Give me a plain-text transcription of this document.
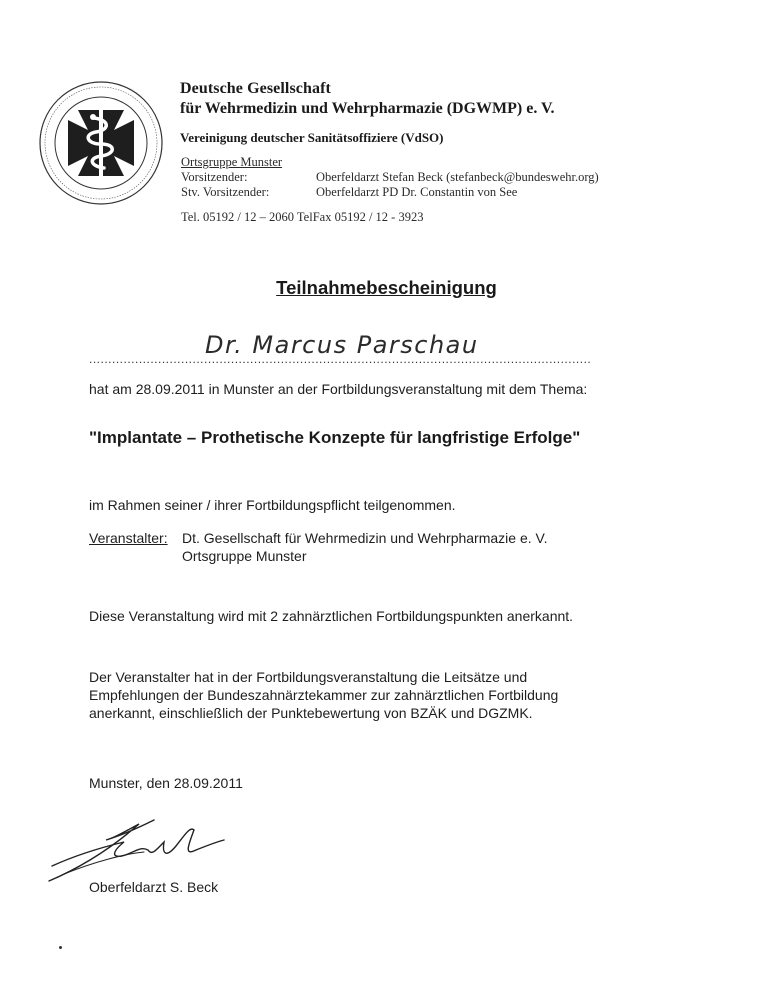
Deutsche Gesellschaft
für Wehrmedizin und Wehrpharmazie (DGWMP) e. V.
Vereinigung deutscher Sanitätsoffiziere (VdSO)
Ortsgruppe Munster
Vorsitzender:	Oberfeldarzt Stefan Beck (stefanbeck@bundeswehr.org)
Stv. Vorsitzender:	Oberfeldarzt PD Dr. Constantin von See
Tel. 05192 / 12 – 2060 TelFax 05192 / 12 - 3923
Teilnahmebescheinigung
...................................................................................................................................
Dr. Marcus Parschau
hat am 28.09.2011 in Munster an der Fortbildungsveranstaltung mit dem Thema:
"Implantate – Prothetische Konzepte für langfristige Erfolge"
im Rahmen seiner / ihrer Fortbildungspflicht teilgenommen.
Veranstalter: Dt. Gesellschaft für Wehrmedizin und Wehrpharmazie e. V.
Ortsgruppe Munster
Diese Veranstaltung wird mit 2 zahnärztlichen Fortbildungspunkten anerkannt.
Der Veranstalter hat in der Fortbildungsveranstaltung die Leitsätze und
Empfehlungen der Bundeszahnärztekammer zur zahnärztlichen Fortbildung
anerkannt, einschließlich der Punktebewertung von BZÄK und DGZMK.
Munster, den 28.09.2011
Oberfeldarzt S. Beck
